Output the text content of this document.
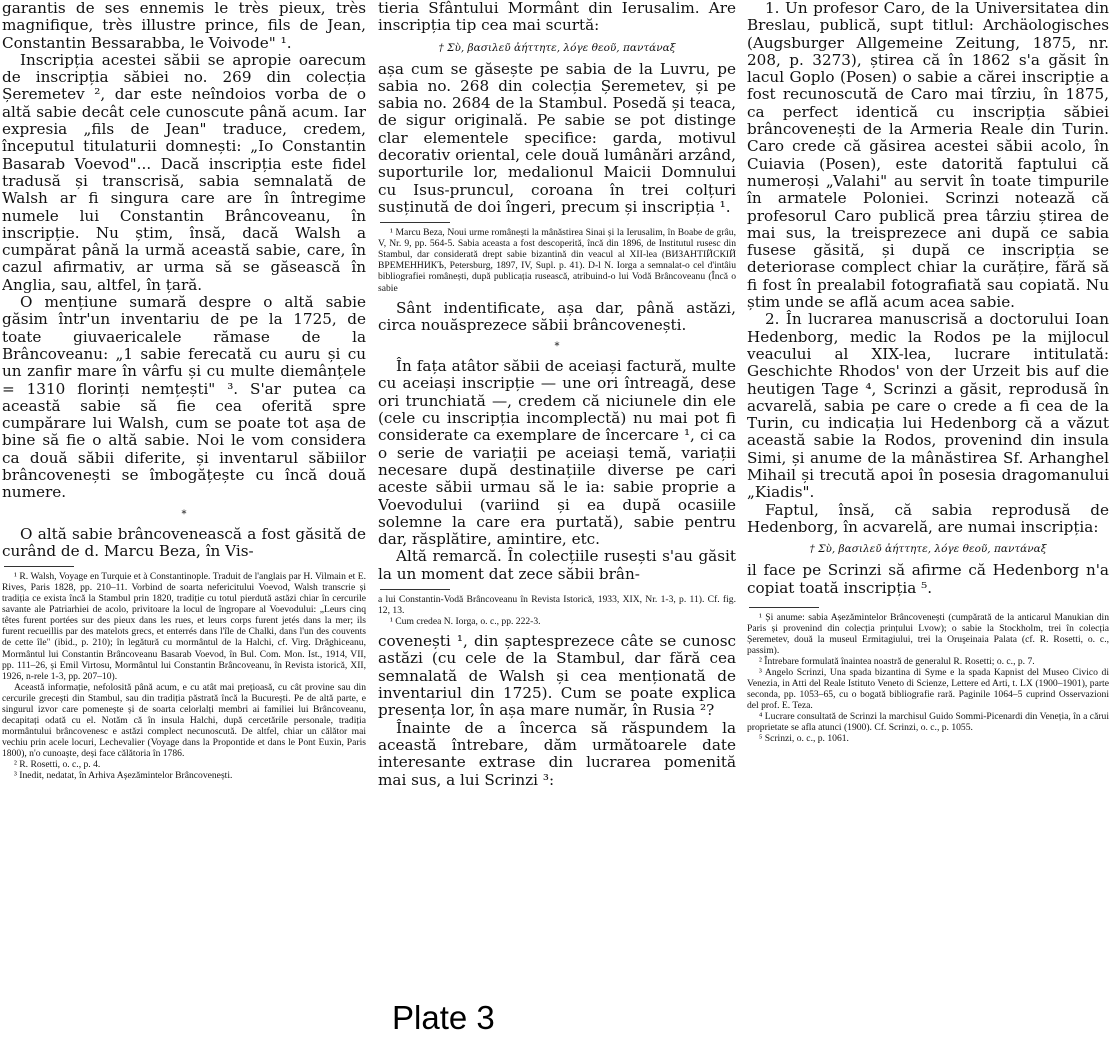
garantis de ses ennemis le très pieux, très magnifique, très illustre prince, fils de Jean, Constantin Bessarabba, le Voivode" ¹.

Inscripția acestei săbii se apropie oarecum de inscripția săbiei no. 269 din colecția Șeremetev ², dar este neîndoios vorba de o altă sabie decât cele cunoscute până acum. Iar expresia „fils de Jean" traduce, credem, începutul titulaturii domnești: „Io Constantin Basarab Voevod"... Dacă inscripția este fidel tradusă și transcrisă, sabia semnalată de Walsh ar fi singura care are în întregime numele lui Constantin Brâncoveanu, în inscripție. Nu știm, însă, dacă Walsh a cumpărat până la urmă această sabie, care, în cazul afirmativ, ar urma să se găsească în Anglia, sau, altfel, în țară.

O mențiune sumară despre o altă sabie găsim într'un inventariu de pe la 1725, de toate giuvaericalele rămase de la Brâncoveanu: „1 sabie ferecată cu auru și cu un zanfir mare în vârfu și cu multe diemânțele = 1310 florinți nemțești" ³. S'ar putea ca această sabie să fie cea oferită spre cumpărare lui Walsh, cum se poate tot așa de bine să fie o altă sabie. Noi le vom considera ca două săbii diferite, și inventarul săbiilor brâncovenești se îmbogățește cu încă două numere.

*

O altă sabie brâncovenească a fost găsită de curând de d. Marcu Beza, în Vis-

¹ R. Walsh, Voyage en Turquie et à Constantinople. Traduit de l'anglais par H. Vilmain et E. Rives, Paris 1828, pp. 210–11. Vorbind de soarta nefericitului Voevod, Walsh transcrie și tradiția ce exista încă la Stambul prin 1820, tradiție cu totul pierdută astăzi chiar în cercurile savante ale Patriarhiei de acolo, privitoare la locul de îngropare al Voevodului: „Leurs cinq têtes furent portées sur des pieux dans les rues, et leurs corps furent jetés dans la mer; ils furent recueillis par des matelots grecs, et enterrés dans l'île de Chalki, dans l'un des couvents de cette île" (ibid., p. 210); în legătură cu mormântul de la Halchi, cf. Virg. Drăghiceanu, Mormântul lui Constantin Brâncoveanu Basarab Voevod, în Bul. Com. Mon. Ist., 1914, VII, pp. 111–26, și Emil Virtosu, Mormântul lui Constantin Brâncoveanu, în Revista istorică, XII, 1926, n-rele 1-3, pp. 207–10).

Această informație, nefolosită până acum, e cu atât mai prețioasă, cu cât provine sau din cercurile grecești din Stambul, sau din tradiția păstrată încă la București. Pe de altă parte, e singurul izvor care pomenește și de soarta celorlalți membri ai familiei lui Brâncoveanu, decapitați odată cu el. Notăm că în insula Halchi, după cercetările personale, tradiția mormântului brâncovenesc e astăzi complect necunoscută. De altfel, chiar un călător mai vechiu prin acele locuri, Lechevalier (Voyage dans la Propontide et dans le Pont Euxin, Paris 1800), n'o cunoaște, deși face călătoria în 1786.

² R. Rosetti, o. c., p. 4.

³ Inedit, nedatat, în Arhiva Așezămintelor Brâncovenești.

tieria Sfântului Mormânt din Ierusalim. Are inscripția tip cea mai scurtă:

† Σὺ, βασιλεῦ ἀήττητε, λόγε θεοῦ, παντάναξ

așa cum se găsește pe sabia de la Luvru, pe sabia no. 268 din colecția Șeremetev, și pe sabia no. 2684 de la Stambul. Posedă și teaca, de sigur originală. Pe sabie se pot distinge clar elementele specifice: garda, motivul decorativ oriental, cele două lumânări arzând, suporturile lor, medalionul Maicii Domnului cu Isus-pruncul, coroana în trei colțuri susținută de doi îngeri, precum și inscripția ¹.

¹ Marcu Beza, Noui urme românești la mânăstirea Sinai și la Ierusalim, în Boabe de grâu, V, Nr. 9, pp. 564-5. Sabia aceasta a fost descoperită, încă din 1896, de Institutul rusesc din Stambul, dar considerată drept sabie bizantină din veacul al XII-lea (ВИЗАНТІЙСКІЙ ВРЕМЕННИКЪ, Petersburg, 1897, IV, Supl. p. 41). D-l N. Iorga a semnalat-o cel d'intâiu bibliografiei românești, după publicația rusească, atribuind-o lui Vodă Brâncoveanu (Încă o sabie

Sânt indentificate, așa dar, până astăzi, circa nouăsprezece săbii brâncovenești.

*

În fața atâtor săbii de aceiași factură, multe cu aceiași inscripție — une ori întreagă, dese ori trunchiată —, credem că niciunele din ele (cele cu inscripția incomplectă) nu mai pot fi considerate ca exemplare de încercare ¹, ci ca o serie de variații pe aceiași temă, variații necesare după destinațiile diverse pe cari aceste săbii urmau să le ia: sabie proprie a Voevodului (variind și ea după ocasiile solemne la care era purtată), sabie pentru dar, răsplătire, amintire, etc.

Altă remarcă. În colecțiile rusești s'au găsit la un moment dat zece săbii brân-

a lui Constantin-Vodă Brâncoveanu în Revista Istorică, 1933, XIX, Nr. 1-3, p. 11). Cf. fig. 12, 13.

¹ Cum credea N. Iorga, o. c., pp. 222-3.

covenești ¹, din șaptesprezece câte se cunosc astăzi (cu cele de la Stambul, dar fără cea semnalată de Walsh și cea menționată de inventariul din 1725). Cum se poate explica presența lor, în așa mare număr, în Rusia ²?

Înainte de a încerca să răspundem la această întrebare, dăm următoarele date interesante extrase din lucrarea pomenită mai sus, a lui Scrinzi ³:

1. Un profesor Caro, de la Universitatea din Breslau, publică, supt titlul: Archäologisches (Augsburger Allgemeine Zeitung, 1875, nr. 208, p. 3273), știrea că în 1862 s'a găsit în lacul Goplo (Posen) o sabie a cărei inscripție a fost recunoscută de Caro mai tîrziu, în 1875, ca perfect identică cu inscripția săbiei brâncovenești de la Armeria Reale din Turin. Caro crede că găsirea acestei săbii acolo, în Cuiavia (Posen), este datorită faptului că numeroși „Valahi" au servit în toate timpurile în armatele Poloniei. Scrinzi notează că profesorul Caro publică prea târziu știrea de mai sus, la treisprezece ani după ce sabia fusese găsită, și după ce inscripția se deteriorase complect chiar la curățire, fără să fi fost în prealabil fotografiată sau copiată. Nu știm unde se află acum acea sabie.

2. În lucrarea manuscrisă a doctorului Ioan Hedenborg, medic la Rodos pe la mijlocul veacului al XIX-lea, lucrare intitulată: Geschichte Rhodos' von der Urzeit bis auf die heutigen Tage ⁴, Scrinzi a găsit, reprodusă în acvarelă, sabia pe care o crede a fi cea de la Turin, cu indicația lui Hedenborg că a văzut această sabie la Rodos, provenind din insula Simi, și anume de la mânăstirea Sf. Arhanghel Mihail și trecută apoi în posesia dragomanului „Kiadis".

Faptul, însă, că sabia reprodusă de Hedenborg, în acvarelă, are numai inscripția:

† Σὺ, βασιλεῦ ἀήττητε, λόγε θεοῦ, παντάναξ

il face pe Scrinzi să afirme că Hedenborg n'a copiat toată inscripția ⁵.

¹ Și anume: sabia Așezămintelor Brâncovenești (cumpărată de la anticarul Manukian din Paris și provenind din colecția prințului Lvow); o sabie la Stockholm, trei în colecția Șeremetev, două la museul Ermitagiului, trei la Oruşeinaia Palata (cf. R. Rosetti, o. c., passim).

² Întrebare formulată înaintea noastră de generalul R. Rosetti; o. c., p. 7.

³ Angelo Scrinzi, Una spada bizantina di Syme e la spada Kapnist del Museo Civico di Venezia, in Atti del Reale Istituto Veneto di Scienze, Lettere ed Arti, t. LX (1900–1901), parte seconda, pp. 1053–65, cu o bogată bibliografie rară. Paginile 1064–5 cuprind Osservazioni del prof. E. Teza.

⁴ Lucrare consultată de Scrinzi la marchisul Guido Sommi-Picenardi din Veneția, în a cărui proprietate se afla atunci (1900). Cf. Scrinzi, o. c., p. 1055.

⁵ Scrinzi, o. c., p. 1061.

Plate 3
